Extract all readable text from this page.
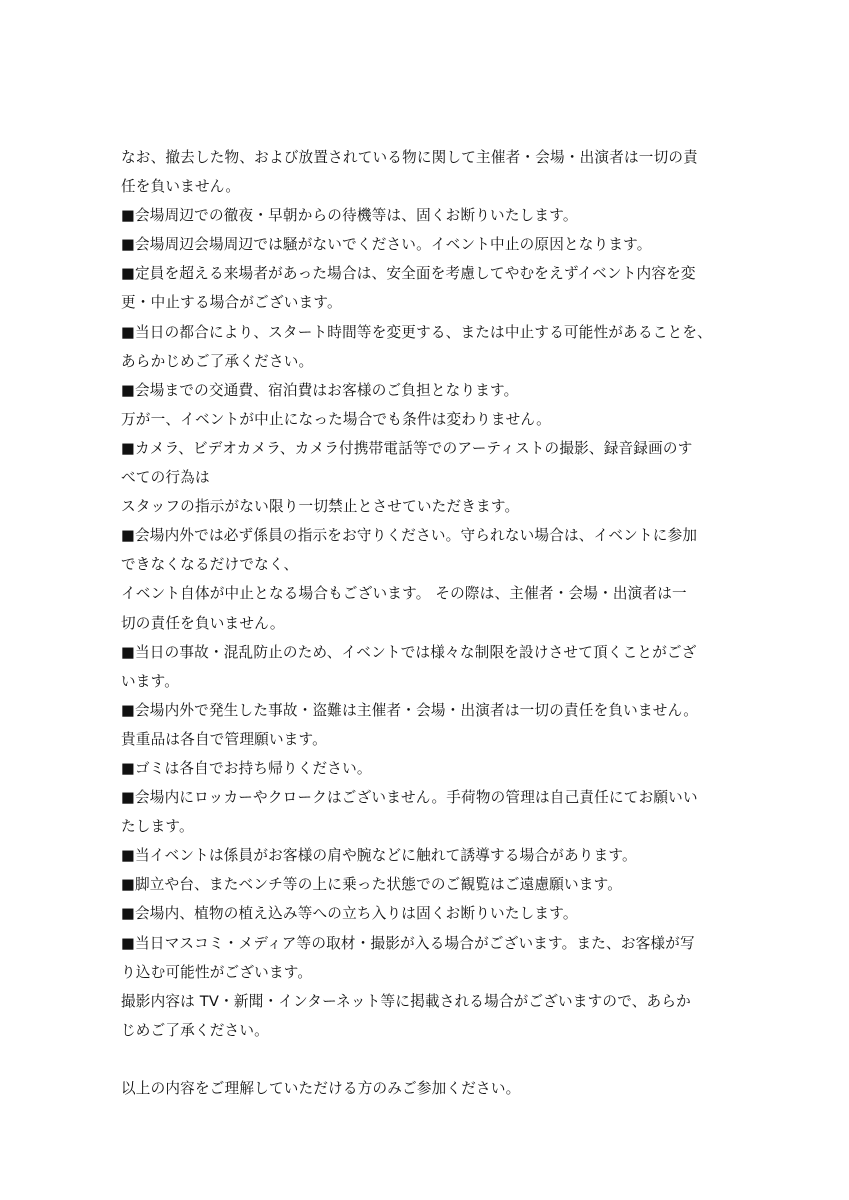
なお、撤去した物、および放置されている物に関して主催者・会場・出演者は一切の責
任を負いません。
■会場周辺での徹夜・早朝からの待機等は、固くお断りいたします。
■会場周辺会場周辺では騒がないでください。イベント中止の原因となります。
■定員を超える来場者があった場合は、安全面を考慮してやむをえずイベント内容を変
更・中止する場合がございます。
■当日の都合により、スタート時間等を変更する、または中止する可能性があることを、
あらかじめご了承ください。
■会場までの交通費、宿泊費はお客様のご負担となります。
万が一、イベントが中止になった場合でも条件は変わりません。
■カメラ、ビデオカメラ、カメラ付携帯電話等でのアーティストの撮影、録音録画のす
べての行為は
スタッフの指示がない限り一切禁止とさせていただきます。
■会場内外では必ず係員の指示をお守りください。守られない場合は、イベントに参加
できなくなるだけでなく、
イベント自体が中止となる場合もございます。 その際は、主催者・会場・出演者は一
切の責任を負いません。
■当日の事故・混乱防止のため、イベントでは様々な制限を設けさせて頂くことがござ
います。
■会場内外で発生した事故・盗難は主催者・会場・出演者は一切の責任を負いません。
貴重品は各自で管理願います。
■ゴミは各自でお持ち帰りください。
■会場内にロッカーやクロークはございません。手荷物の管理は自己責任にてお願いい
たします。
■当イベントは係員がお客様の肩や腕などに触れて誘導する場合があります。
■脚立や台、またベンチ等の上に乗った状態でのご観覧はご遠慮願います。
■会場内、植物の植え込み等への立ち入りは固くお断りいたします。
■当日マスコミ・メディア等の取材・撮影が入る場合がございます。また、お客様が写
り込む可能性がございます。
撮影内容は TV・新聞・インターネット等に掲載される場合がございますので、あらか
じめご了承ください。
以上の内容をご理解していただける方のみご参加ください。
